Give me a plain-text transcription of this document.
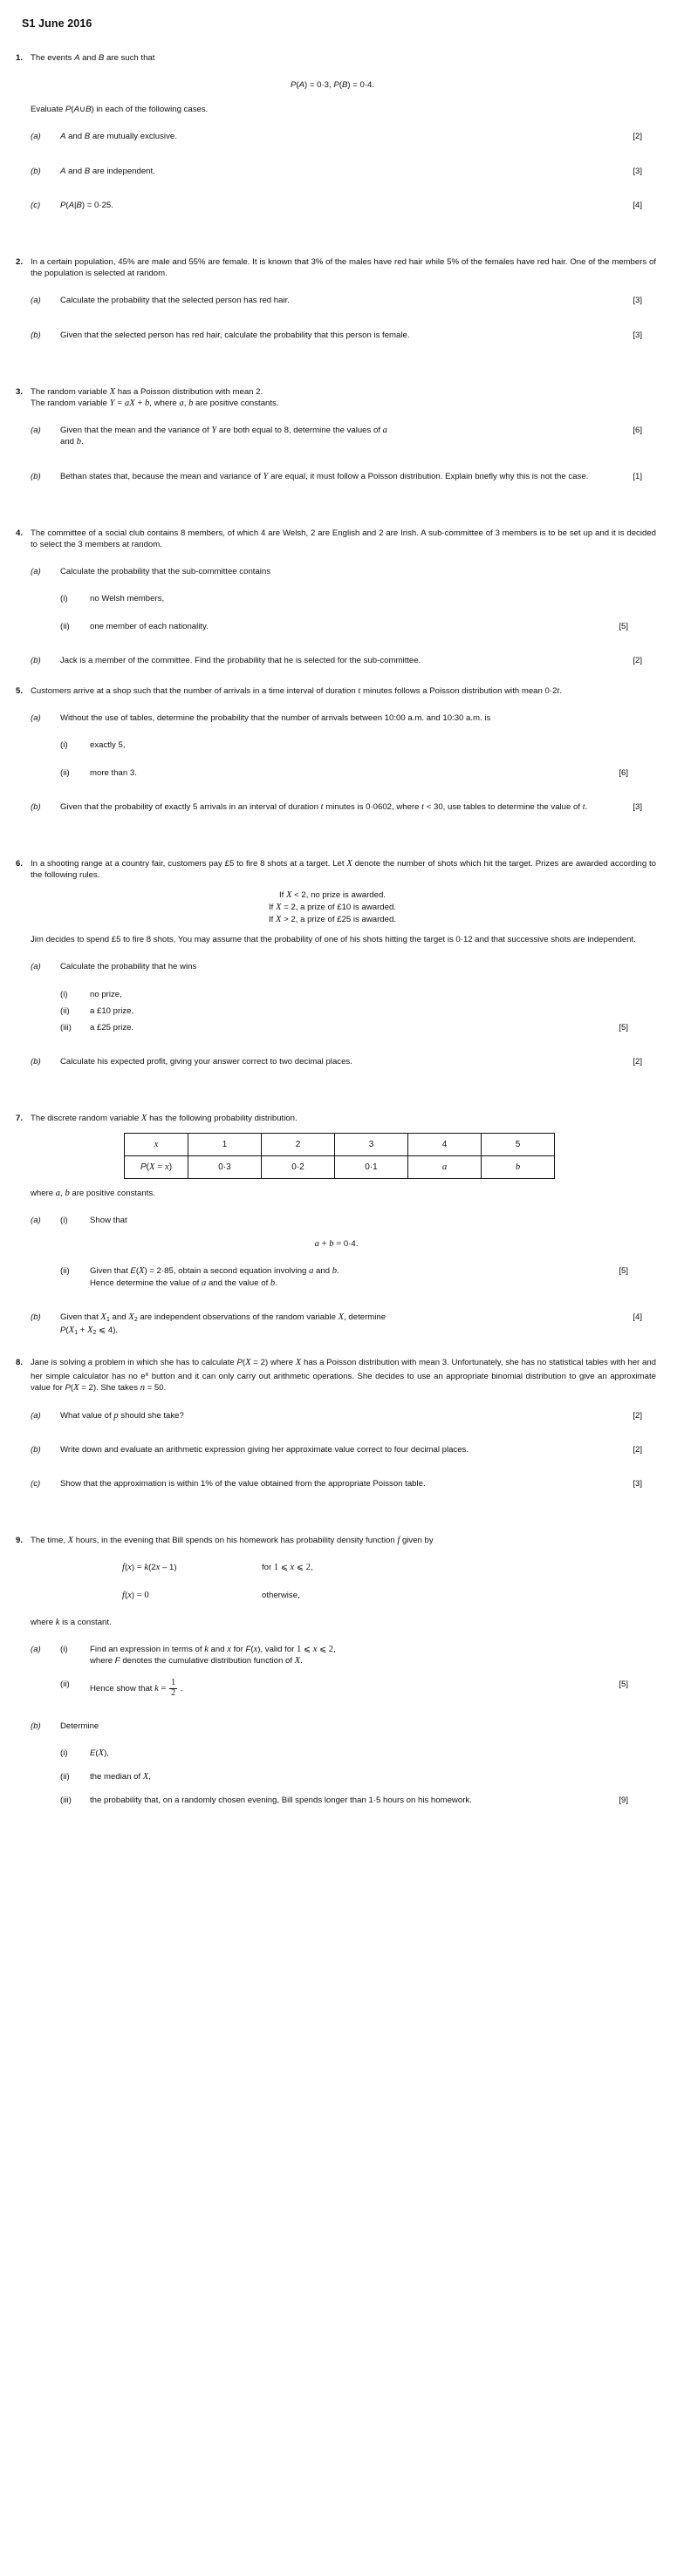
S1 June 2016
1. The events A and B are such that
P(A) = 0·3, P(B) = 0·4.
Evaluate P(A∪B) in each of the following cases.
(a)	[2]
A and B are mutually exclusive.
(b)	[3]
A and B are independent.
(c)	[4]
P(A|B) = 0·25.
2. In a certain population, 45% are male and 55% are female. It is known that 3% of the males have red hair while 5% of the females have red hair. One of the members of the population is selected at random.
(a)	[3]
Calculate the probability that the selected person has red hair.
(b)	[3]
Given that the selected person has red hair, calculate the probability that this person is female.
3. The random variable X has a Poisson distribution with mean 2.
The random variable Y = aX + b, where a, b are positive constants.
(a)	[6]
Given that the mean and the variance of Y are both equal to 8, determine the values of a
and b.
(b)	[1]
Bethan states that, because the mean and variance of Y are equal, it must follow a Poisson distribution. Explain briefly why this is not the case.
4. The committee of a social club contains 8 members, of which 4 are Welsh, 2 are English and 2 are Irish. A sub-committee of 3 members is to be set up and it is decided to select the 3 members at random.
(a)	Calculate the probability that the sub-committee contains
(i)	no Welsh members,
(ii)	[5]
one member of each nationality.
(b)	[2]
Jack is a member of the committee. Find the probability that he is selected for the sub-committee.
5. Customers arrive at a shop such that the number of arrivals in a time interval of duration t minutes follows a Poisson distribution with mean 0·2t.
(a)	Without the use of tables, determine the probability that the number of arrivals between 10:00 a.m. and 10:30 a.m. is
(i)	exactly 5,
(ii)	[6]
more than 3.
(b)	[3]
Given that the probability of exactly 5 arrivals in an interval of duration t minutes is 0·0602, where t < 30, use tables to determine the value of t.
6. In a shooting range at a country fair, customers pay £5 to fire 8 shots at a target. Let X denote the number of shots which hit the target. Prizes are awarded according to the following rules.
If X < 2, no prize is awarded.
If X = 2, a prize of £10 is awarded.
If X > 2, a prize of £25 is awarded.
Jim decides to spend £5 to fire 8 shots. You may assume that the probability of one of his shots hitting the target is 0·12 and that successive shots are independent.
(a)	Calculate the probability that he wins
(i)	no prize,
(ii)	a £10 prize,
(iii)	[5]
a £25 prize.
(b)	[2]
Calculate his expected profit, giving your answer correct to two decimal places.
7. The discrete random variable X has the following probability distribution.
x	1	2	3	4	5
P(X = x)	0·3	0·2	0·1	a	b
where a, b are positive constants.
(a)	(i)	Show that
a + b = 0·4.
(ii)	[5]
Given that E(X) = 2·85, obtain a second equation involving a and b.
Hence determine the value of a and the value of b.
(b)	[4]
Given that $X_1$ and $X_2$ are independent observations of the random variable X, determine
$P(X_1 + X_2$ ⩽ 4).
8. Jane is solving a problem in which she has to calculate P(X = 2) where X has a Poisson distribution with mean 3. Unfortunately, she has no statistical tables with her and her simple calculator has no $e^x$ button and it can only carry out arithmetic operations. She decides to use an appropriate binomial distribution to give an approximate value for P(X = 2). She takes n = 50.
(a)	[2]
What value of p should she take?
(b)	[2]
Write down and evaluate an arithmetic expression giving her approximate value correct to four decimal places.
(c)	[3]
Show that the approximation is within 1% of the value obtained from the appropriate Poisson table.
9. The time, X hours, in the evening that Bill spends on his homework has probability density function f given by
f(x) = k(2x – 1)	for 1 ⩽ x ⩽ 2,
f(x) = 0	otherwise,
where k is a constant.
(a)	(i)	Find an expression in terms of k and x for F(x), valid for 1 ⩽ x ⩽ 2,
where F denotes the cumulative distribution function of X.
(ii)	[5]
Hence show that $k = \frac{1}{2}$ .
(b)	Determine
(i)	E(X),
(ii)	the median of X,
(iii)	[9]
the probability that, on a randomly chosen evening, Bill spends longer than 1·5 hours on his homework.
